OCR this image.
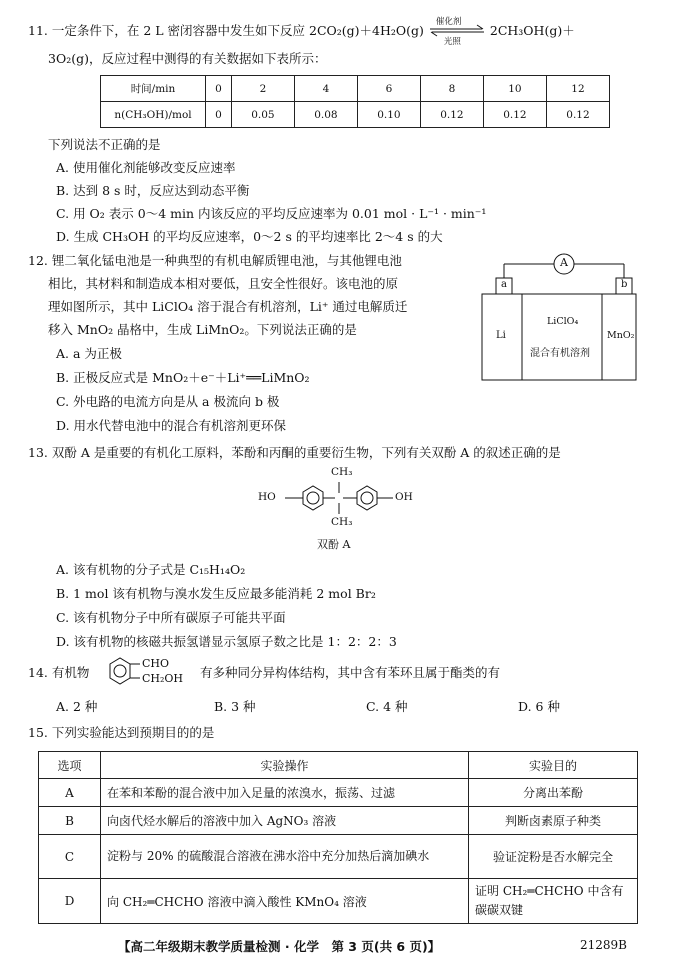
11. 一定条件下，在 2 L 密闭容器中发生如下反应 2CO₂(g)＋4H₂O(g)
催化剂
光照
2CH₃OH(g)＋
3O₂(g)，反应过程中测得的有关数据如下表所示：
时间/min	0	2	4	6	8	10	12
n(CH₃OH)/mol	0	0.05	0.08	0.10	0.12	0.12	0.12
下列说法不正确的是
A. 使用催化剂能够改变反应速率
B. 达到 8 s 时，反应达到动态平衡
C. 用 O₂ 表示 0～4 min 内该反应的平均反应速率为 0.01 mol · L⁻¹ · min⁻¹
D. 生成 CH₃OH 的平均反应速率，0～2 s 的平均速率比 2～4 s 的大
12. 锂二氧化锰电池是一种典型的有机电解质锂电池，与其他锂电池
相比，其材料和制造成本相对要低，且安全性很好。该电池的原
理如图所示，其中 LiClO₄ 溶于混合有机溶剂，Li⁺ 通过电解质迁
移入 MnO₂ 晶格中，生成 LiMnO₂。下列说法正确的是
A. a 为正极
B. 正极反应式是 MnO₂＋e⁻＋Li⁺══LiMnO₂
C. 外电路的电流方向是从 a 极流向 b 极
D. 用水代替电池中的混合有机溶剂更环保
A
a	b
Li
LiClO₄
混合有机溶剂
MnO₂
13. 双酚 A 是重要的有机化工原料，苯酚和丙酮的重要衍生物，下列有关双酚 A 的叙述正确的是
CH₃
CH₃
HO	OH
双酚 A
A. 该有机物的分子式是 C₁₅H₁₄O₂
B. 1 mol 该有机物与溴水发生反应最多能消耗 2 mol Br₂
C. 该有机物分子中所有碳原子可能共平面
D. 该有机物的核磁共振氢谱显示氢原子数之比是 1：2：2：3
14. 有机物
CHO
CH₂OH 有多种同分异构体结构，其中含有苯环且属于酯类的有
A. 2 种	B. 3 种	C. 4 种	D. 6 种
15. 下列实验能达到预期目的的是
选项	实验操作	实验目的
A	在苯和苯酚的混合液中加入足量的浓溴水，振荡、过滤	分离出苯酚
B	向卤代烃水解后的溶液中加入 AgNO₃ 溶液	判断卤素原子种类
C	淀粉与 20% 的硫酸混合溶液在沸水浴中充分加热后滴加碘水	验证淀粉是否水解完全
D	向 CH₂═CHCHO 溶液中滴入酸性 KMnO₄ 溶液	证明 CH₂═CHCHO 中含有碳碳双键
【高二年级期末教学质量检测 · 化学　第 3 页(共 6 页)】	21289B
